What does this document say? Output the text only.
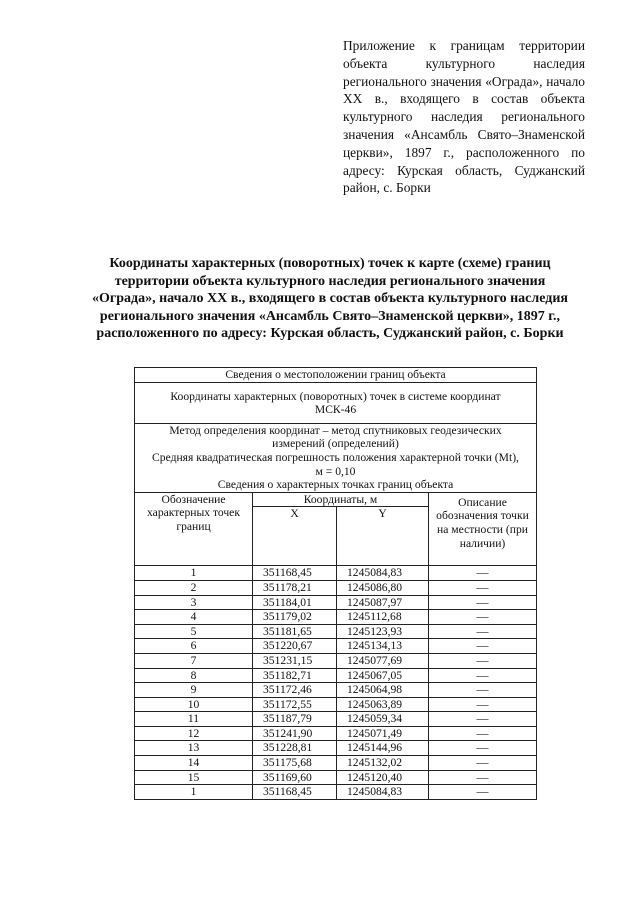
Приложение к границам территории объекта культурного наследия регионального значения «Ограда», начало XX в., входящего в состав объекта культурного наследия регионального значения «Ансамбль Свято–Знаменской церкви», 1897 г., расположенного по адресу: Курская область, Суджанский район, с. Борки
Координаты характерных (поворотных) точек к карте (схеме) границ территории объекта культурного наследия регионального значения «Ограда», начало XX в., входящего в состав объекта культурного наследия регионального значения «Ансамбль Свято–Знаменской церкви», 1897 г., расположенного по адресу: Курская область, Суджанский район, с. Борки
Сведения о местоположении границ объекта			
Координаты характерных (поворотных) точек в системе координат МСК-46			

Метод определения координат – метод спутниковых геодезических измерений (определений)
Средняя квадратическая погрешность положения характерной точки (Mt), м = 0,10
Сведения о характерных точках границ объекта			

Обозначение характерных точек границ	Координаты, м		Описание обозначения точки на местности (при наличии)
	X	Y	
1	351168,45	1245084,83	—
2	351178,21	1245086,80	—
3	351184,01	1245087,97	—
4	351179,02	1245112,68	—
5	351181,65	1245123,93	—
6	351220,67	1245134,13	—
7	351231,15	1245077,69	—
8	351182,71	1245067,05	—
9	351172,46	1245064,98	—
10	351172,55	1245063,89	—
11	351187,79	1245059,34	—
12	351241,90	1245071,49	—
13	351228,81	1245144,96	—
14	351175,68	1245132,02	—
15	351169,60	1245120,40	—
1	351168,45	1245084,83	—
